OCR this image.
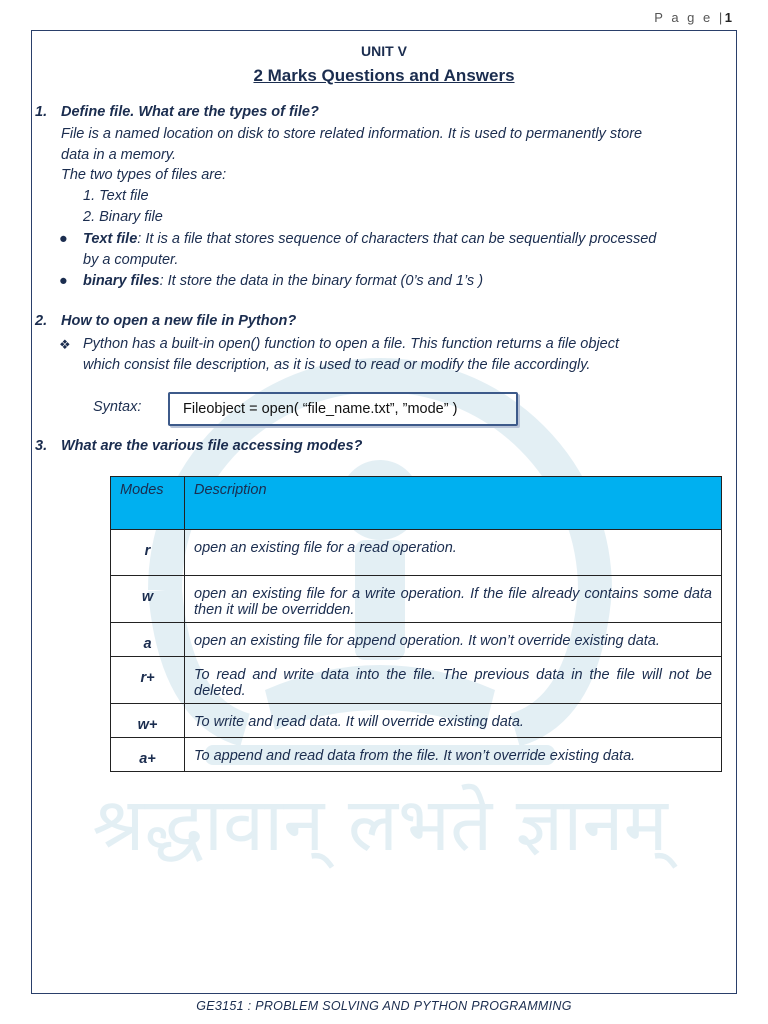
P a g e |1
श्रद्धावान् लभते ज्ञानम्
UNIT V
2 Marks Questions and Answers
1. Define file. What are the types of file?
File is a named location on disk to store related information. It is used to permanently store
data in a memory.
The two types of files are:
1. Text file
2. Binary file
● Text file: It is a file that stores sequence of characters that can be sequentially processed
by a computer.
● binary files: It store the data in the binary format (0’s and 1’s )
2. How to open a new file in Python?
❖ Python has a built-in open() function to open a file. This function returns a file object
which consist file description, as it is used to read or modify the file accordingly.
Syntax:	Fileobject = open( “file_name.txt”, ”mode” )
3. What are the various file accessing modes?
Modes	Description
r	open an existing file for a read operation.
w	open an existing file for a write operation. If the file already contains some data then it will be overridden.
a	open an existing file for append operation. It won’t override existing data.
r+	To read and write data into the file. The previous data in the file will not be deleted.
w+	To write and read data. It will override existing data.
a+	To append and read data from the file. It won’t override existing data.
GE3151 : PROBLEM SOLVING AND PYTHON PROGRAMMING
